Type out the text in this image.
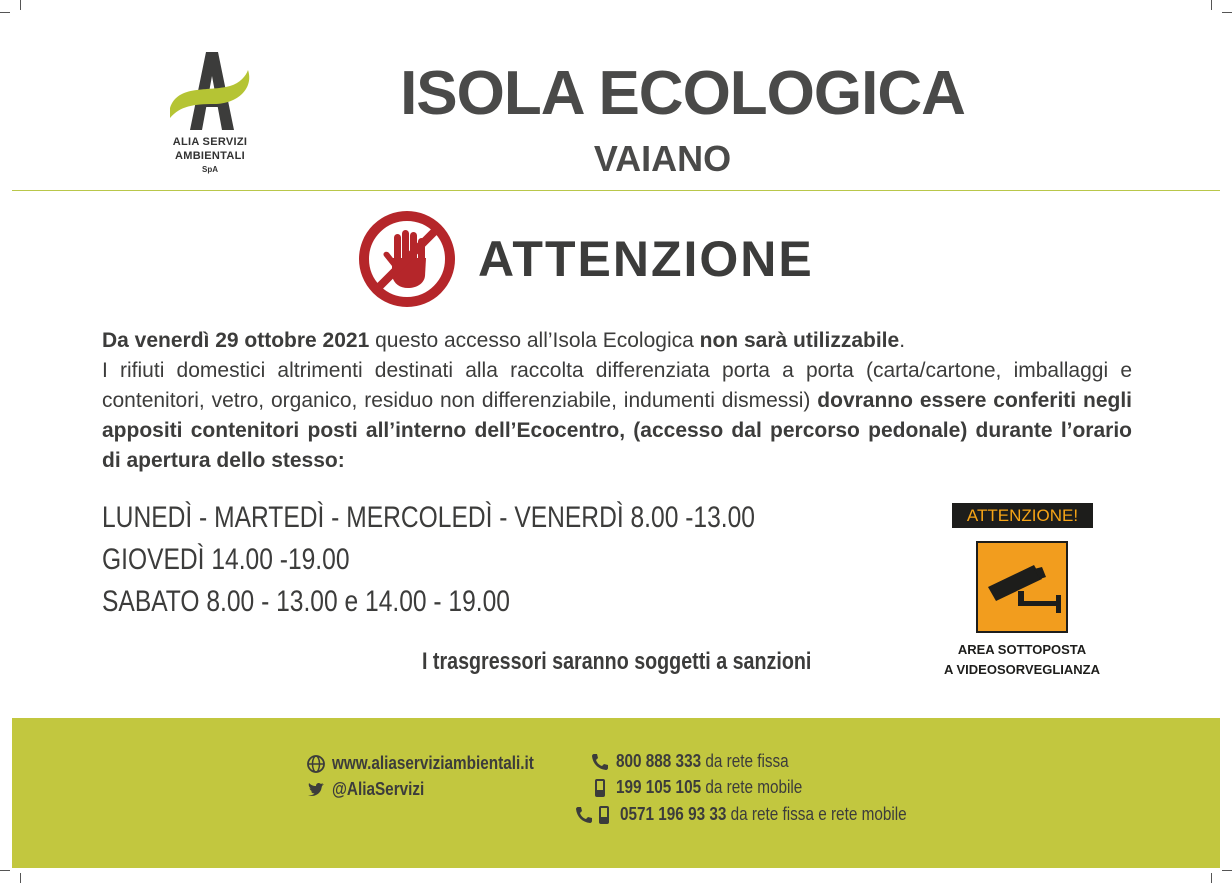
ALIA SERVIZI
AMBIENTALI
SpA
ISOLA ECOLOGICA
VAIANO
ATTENZIONE

Da venerdì 29 ottobre 2021 questo accesso all’Isola Ecologica non sarà utilizzabile.
I rifiuti domestici altrimenti destinati alla raccolta differenziata porta a porta (carta/cartone, imballaggi e contenitori, vetro, organico, residuo non differenziabile, indumenti dismessi) dovranno essere conferiti negli appositi contenitori posti all’interno dell’Ecocentro, (accesso dal percorso pedonale) durante l’orario di apertura dello stesso:

LUNEDÌ - MARTEDÌ - MERCOLEDÌ - VENERDÌ 8.00 -13.00
GIOVEDÌ 14.00 -19.00
SABATO 8.00 - 13.00 e 14.00 - 19.00
I trasgressori saranno soggetti a sanzioni
ATTENZIONE!
AREA SOTTOPOSTA
A VIDEOSORVEGLIANZA
www.aliaserviziambientali.it
@AliaServizi
800 888 333 da rete fissa
199 105 105 da rete mobile
0571 196 93 33 da rete fissa e rete mobile
